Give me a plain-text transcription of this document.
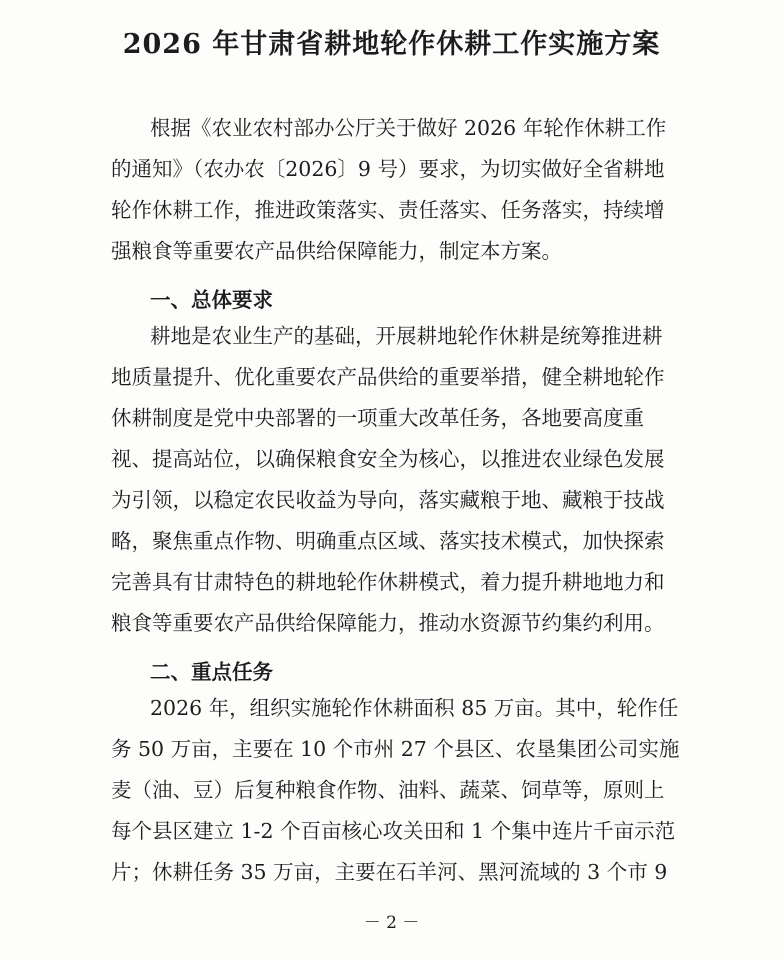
2026 年甘肃省耕地轮作休耕工作实施方案
根据《农业农村部办公厅关于做好 2026 年轮作休耕工作
的通知》（农办农〔2026〕9 号）要求，为切实做好全省耕地
轮作休耕工作，推进政策落实、责任落实、任务落实，持续增
强粮食等重要农产品供给保障能力，制定本方案。
一、总体要求
耕地是农业生产的基础，开展耕地轮作休耕是统筹推进耕
地质量提升、优化重要农产品供给的重要举措，健全耕地轮作
休耕制度是党中央部署的一项重大改革任务，各地要高度重
视、提高站位，以确保粮食安全为核心，以推进农业绿色发展
为引领，以稳定农民收益为导向，落实藏粮于地、藏粮于技战
略，聚焦重点作物、明确重点区域、落实技术模式，加快探索
完善具有甘肃特色的耕地轮作休耕模式，着力提升耕地地力和
粮食等重要农产品供给保障能力，推动水资源节约集约利用。
二、重点任务
2026 年，组织实施轮作休耕面积 85 万亩。其中，轮作任
务 50 万亩，主要在 10 个市州 27 个县区、农垦集团公司实施
麦（油、豆）后复种粮食作物、油料、蔬菜、饲草等，原则上
每个县区建立 1-2 个百亩核心攻关田和 1 个集中连片千亩示范
片；休耕任务 35 万亩，主要在石羊河、黑河流域的 3 个市 9
－ 2 －
